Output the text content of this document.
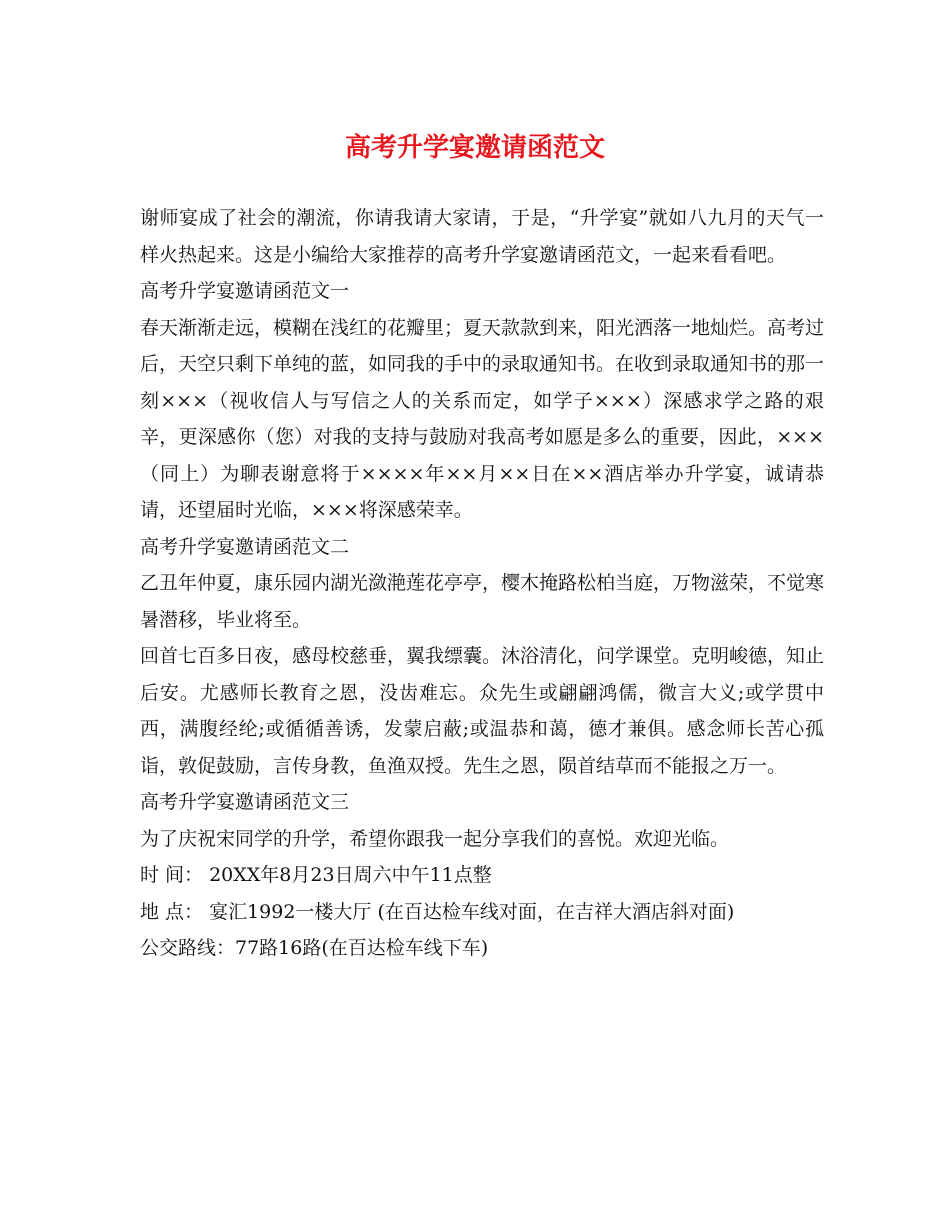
高考升学宴邀请函范文

谢师宴成了社会的潮流，你请我请大家请，于是，“升学宴”就如八九月的天气一样火热起来。这是小编给大家推荐的高考升学宴邀请函范文，一起来看看吧。

高考升学宴邀请函范文一

春天渐渐走远，模糊在浅红的花瓣里；夏天款款到来，阳光洒落一地灿烂。高考过后，天空只剩下单纯的蓝，如同我的手中的录取通知书。在收到录取通知书的那一刻×××（视收信人与写信之人的关系而定，如学子×××）深感求学之路的艰辛，更深感你（您）对我的支持与鼓励对我高考如愿是多么的重要，因此，×××（同上）为聊表谢意将于××××年××月××日在××酒店举办升学宴，诚请恭请，还望届时光临，×××将深感荣幸。

高考升学宴邀请函范文二

乙丑年仲夏，康乐园内湖光潋滟莲花亭亭，樱木掩路松柏当庭，万物滋荣，不觉寒暑潜移，毕业将至。

回首七百多日夜，感母校慈垂，翼我缥囊。沐浴清化，问学课堂。克明峻德，知止后安。尤感师长教育之恩，没齿难忘。众先生或翩翩鸿儒，微言大义;或学贯中西，满腹经纶;或循循善诱，发蒙启蔽;或温恭和蔼，德才兼俱。感念师长苦心孤诣，敦促鼓励，言传身教，鱼渔双授。先生之恩，陨首结草而不能报之万一。

高考升学宴邀请函范文三

为了庆祝宋同学的升学，希望你跟我一起分享我们的喜悦。欢迎光临。

时 间： 20XX年8月23日周六中午11点整

地 点： 宴汇1992一楼大厅 (在百达检车线对面，在吉祥大酒店斜对面)

公交路线：77路16路(在百达检车线下车)
